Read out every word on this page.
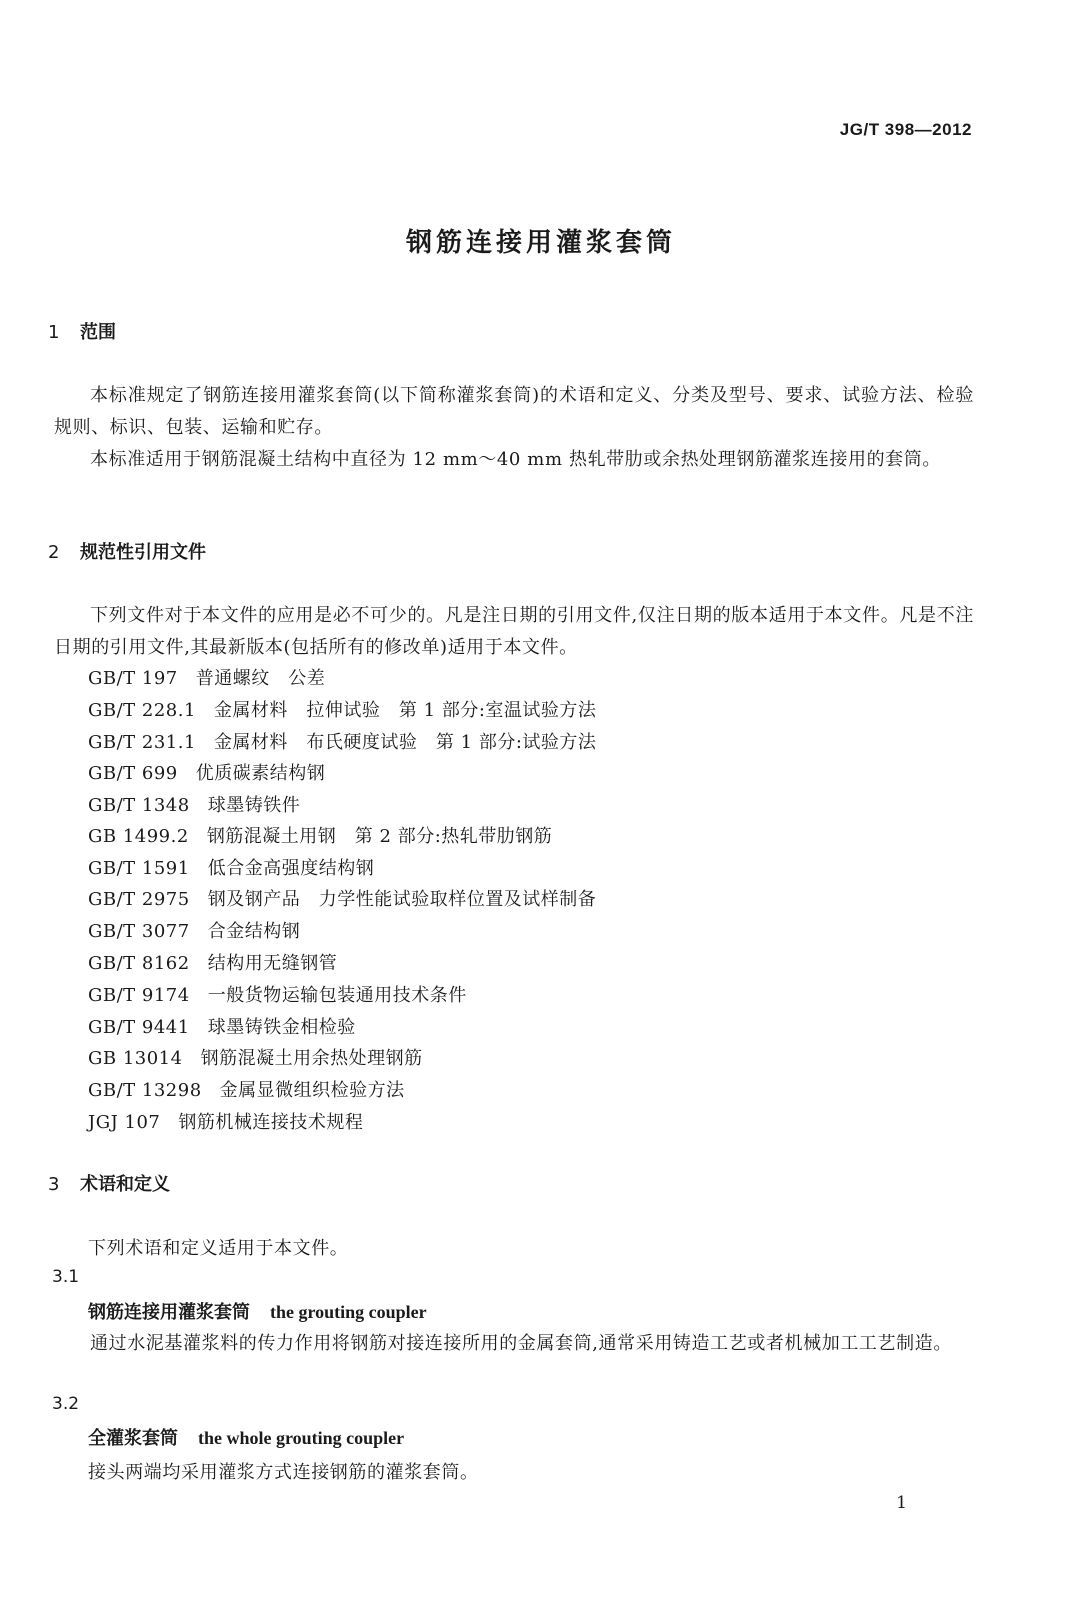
JG/T 398—2012
钢筋连接用灌浆套筒
1 范围
本标准规定了钢筋连接用灌浆套筒(以下简称灌浆套筒)的术语和定义、分类及型号、要求、试验方法、检验规则、标识、包装、运输和贮存。
本标准适用于钢筋混凝土结构中直径为 12 mm～40 mm 热轧带肋或余热处理钢筋灌浆连接用的套筒。
2 规范性引用文件
下列文件对于本文件的应用是必不可少的。凡是注日期的引用文件,仅注日期的版本适用于本文件。凡是不注日期的引用文件,其最新版本(包括所有的修改单)适用于本文件。
GB/T 197 普通螺纹　公差
GB/T 228.1 金属材料　拉伸试验　第 1 部分:室温试验方法
GB/T 231.1 金属材料　布氏硬度试验　第 1 部分:试验方法
GB/T 699 优质碳素结构钢
GB/T 1348 球墨铸铁件
GB 1499.2 钢筋混凝土用钢　第 2 部分:热轧带肋钢筋
GB/T 1591 低合金高强度结构钢
GB/T 2975 钢及钢产品　力学性能试验取样位置及试样制备
GB/T 3077 合金结构钢
GB/T 8162 结构用无缝钢管
GB/T 9174 一般货物运输包装通用技术条件
GB/T 9441 球墨铸铁金相检验
GB 13014 钢筋混凝土用余热处理钢筋
GB/T 13298 金属显微组织检验方法
JGJ 107 钢筋机械连接技术规程
3 术语和定义
下列术语和定义适用于本文件。
3.1
钢筋连接用灌浆套筒 the grouting coupler
通过水泥基灌浆料的传力作用将钢筋对接连接所用的金属套筒,通常采用铸造工艺或者机械加工工艺制造。
3.2
全灌浆套筒 the whole grouting coupler
接头两端均采用灌浆方式连接钢筋的灌浆套筒。
1
